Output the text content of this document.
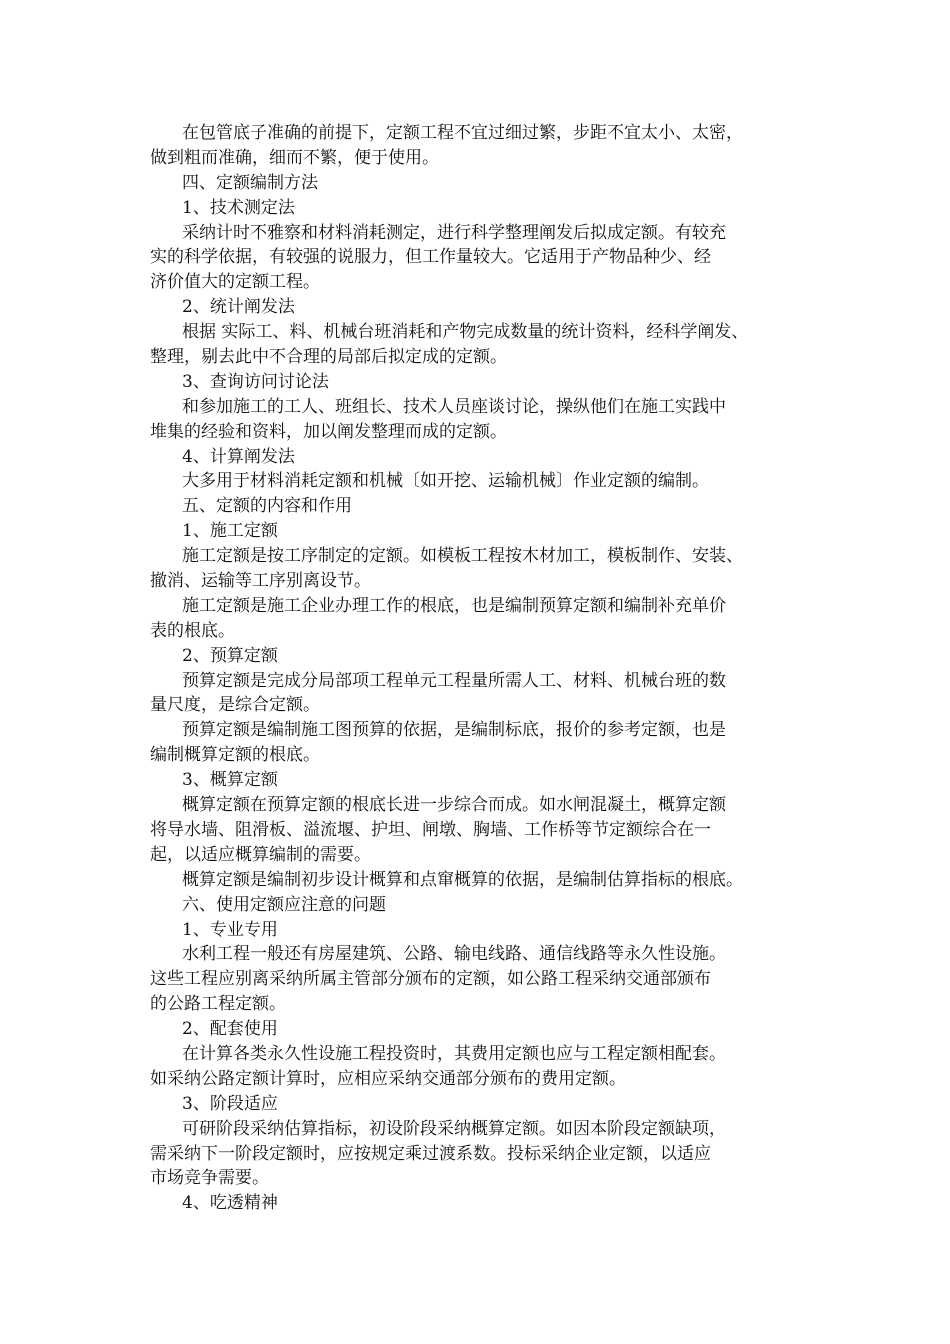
在包管底子准确的前提下，定额工程不宜过细过繁，步距不宜太小、太密，
做到粗而准确，细而不繁，便于使用。
四、定额编制方法
1、技术测定法
采纳计时不雅察和材料消耗测定，进行科学整理阐发后拟成定额。有较充
实的科学依据，有较强的说服力，但工作量较大。它适用于产物品种少、经
济价值大的定额工程。
2、统计阐发法
根据 实际工、料、机械台班消耗和产物完成数量的统计资料，经科学阐发、
整理，剔去此中不合理的局部后拟定成的定额。
3、查询访问讨论法
和参加施工的工人、班组长、技术人员座谈讨论，操纵他们在施工实践中
堆集的经验和资料，加以阐发整理而成的定额。
4、计算阐发法
大多用于材料消耗定额和机械〔如开挖、运输机械〕作业定额的编制。
五、定额的内容和作用
1、施工定额
施工定额是按工序制定的定额。如模板工程按木材加工，模板制作、安装、
撤消、运输等工序别离设节。
施工定额是施工企业办理工作的根底，也是编制预算定额和编制补充单价
表的根底。
2、预算定额
预算定额是完成分局部项工程单元工程量所需人工、材料、机械台班的数
量尺度，是综合定额。
预算定额是编制施工图预算的依据，是编制标底，报价的参考定额，也是
编制概算定额的根底。
3、概算定额
概算定额在预算定额的根底长进一步综合而成。如水闸混凝土，概算定额
将导水墙、阻滑板、溢流堰、护坦、闸墩、胸墙、工作桥等节定额综合在一
起，以适应概算编制的需要。
概算定额是编制初步设计概算和点窜概算的依据，是编制估算指标的根底。
六、使用定额应注意的问题
1、专业专用
水利工程一般还有房屋建筑、公路、输电线路、通信线路等永久性设施。
这些工程应别离采纳所属主管部分颁布的定额，如公路工程采纳交通部颁布
的公路工程定额。
2、配套使用
在计算各类永久性设施工程投资时，其费用定额也应与工程定额相配套。
如采纳公路定额计算时，应相应采纳交通部分颁布的费用定额。
3、阶段适应
可研阶段采纳估算指标，初设阶段采纳概算定额。如因本阶段定额缺项，
需采纳下一阶段定额时，应按规定乘过渡系数。投标采纳企业定额，以适应
市场竞争需要。
4、吃透精神
